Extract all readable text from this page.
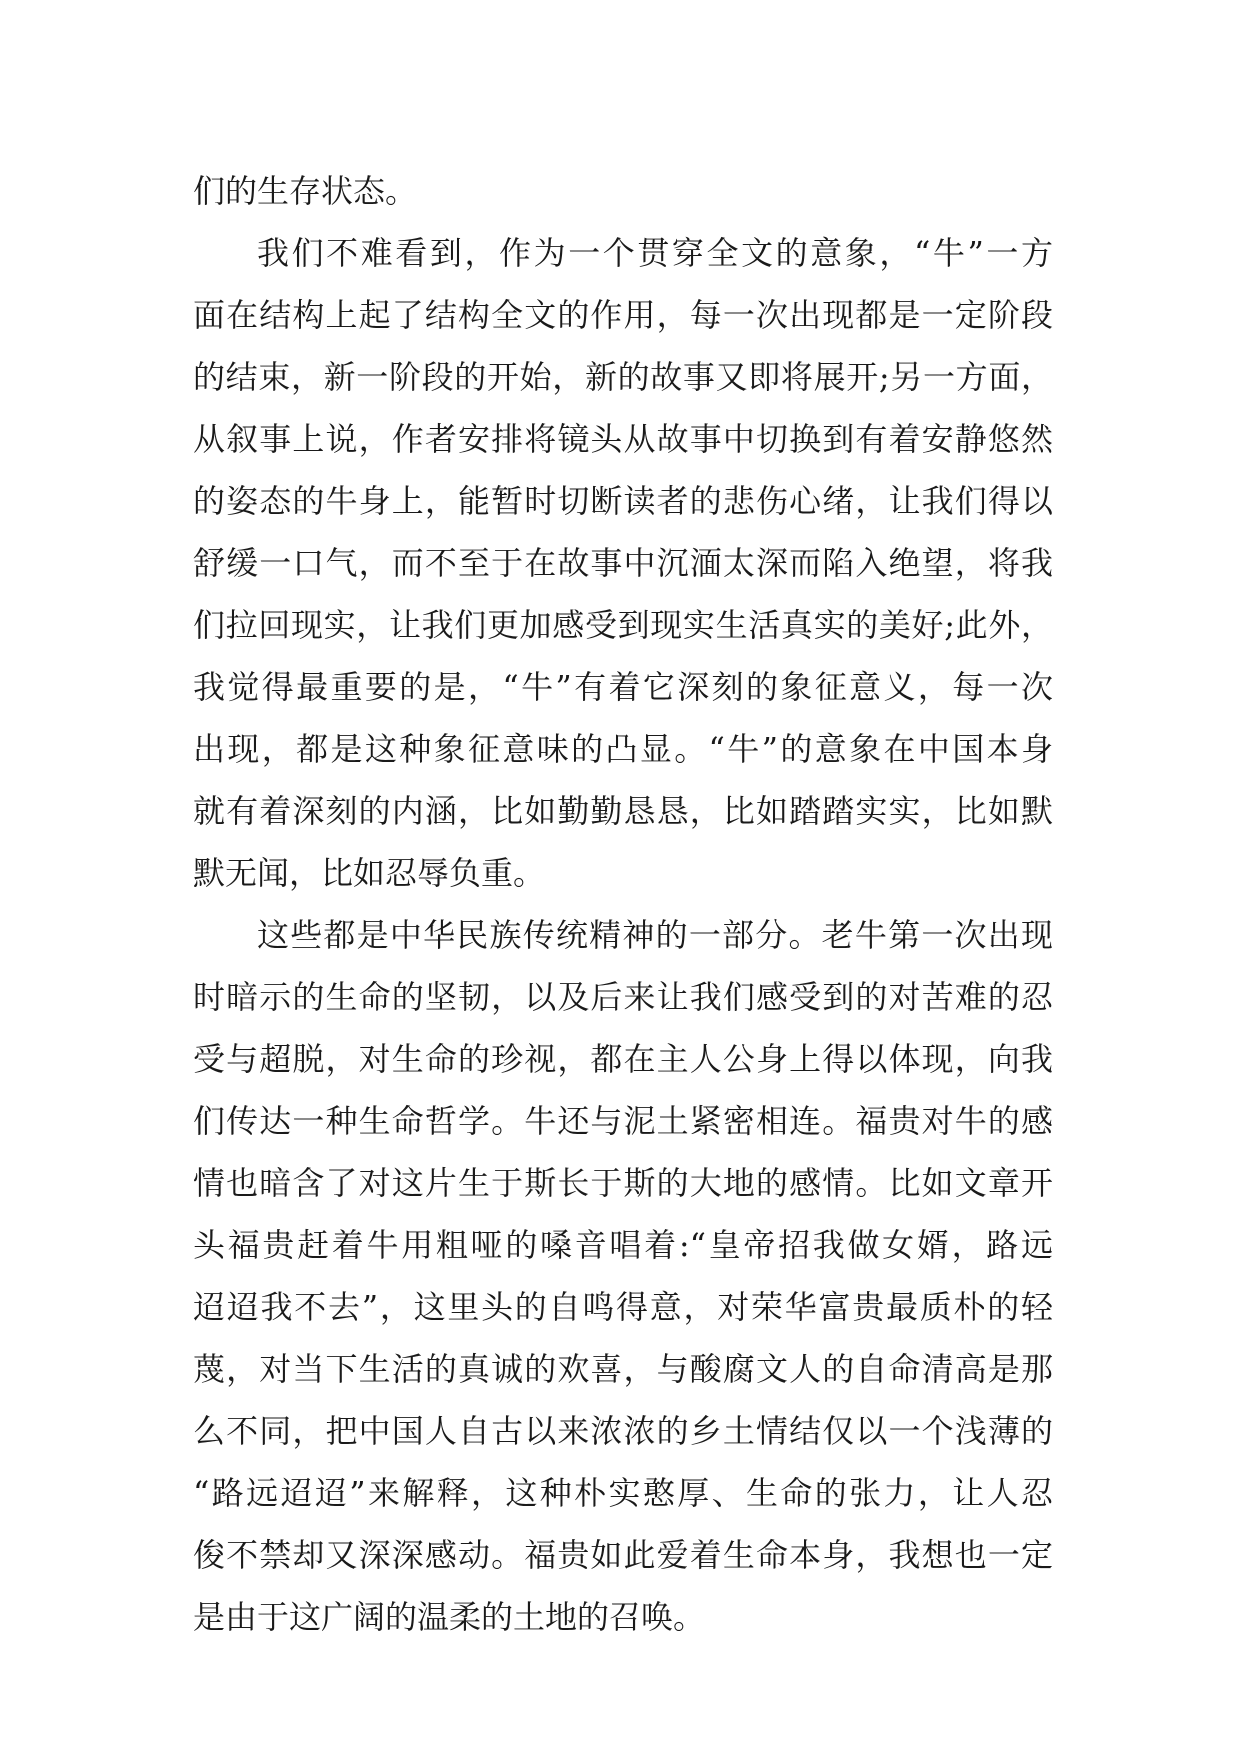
们的生存状态。
我们不难看到，作为一个贯穿全文的意象，“牛”一方
面在结构上起了结构全文的作用，每一次出现都是一定阶段
的结束，新一阶段的开始，新的故事又即将展开;另一方面，
从叙事上说，作者安排将镜头从故事中切换到有着安静悠然
的姿态的牛身上，能暂时切断读者的悲伤心绪，让我们得以
舒缓一口气，而不至于在故事中沉湎太深而陷入绝望，将我
们拉回现实，让我们更加感受到现实生活真实的美好;此外，
我觉得最重要的是，“牛”有着它深刻的象征意义，每一次
出现，都是这种象征意味的凸显。“牛”的意象在中国本身
就有着深刻的内涵，比如勤勤恳恳，比如踏踏实实，比如默
默无闻，比如忍辱负重。
这些都是中华民族传统精神的一部分。老牛第一次出现
时暗示的生命的坚韧，以及后来让我们感受到的对苦难的忍
受与超脱，对生命的珍视，都在主人公身上得以体现，向我
们传达一种生命哲学。牛还与泥土紧密相连。福贵对牛的感
情也暗含了对这片生于斯长于斯的大地的感情。比如文章开
头福贵赶着牛用粗哑的嗓音唱着:“皇帝招我做女婿，路远
迢迢我不去”，这里头的自鸣得意，对荣华富贵最质朴的轻
蔑，对当下生活的真诚的欢喜，与酸腐文人的自命清高是那
么不同，把中国人自古以来浓浓的乡土情结仅以一个浅薄的
“路远迢迢”来解释，这种朴实憨厚、生命的张力，让人忍
俊不禁却又深深感动。福贵如此爱着生命本身，我想也一定
是由于这广阔的温柔的土地的召唤。
